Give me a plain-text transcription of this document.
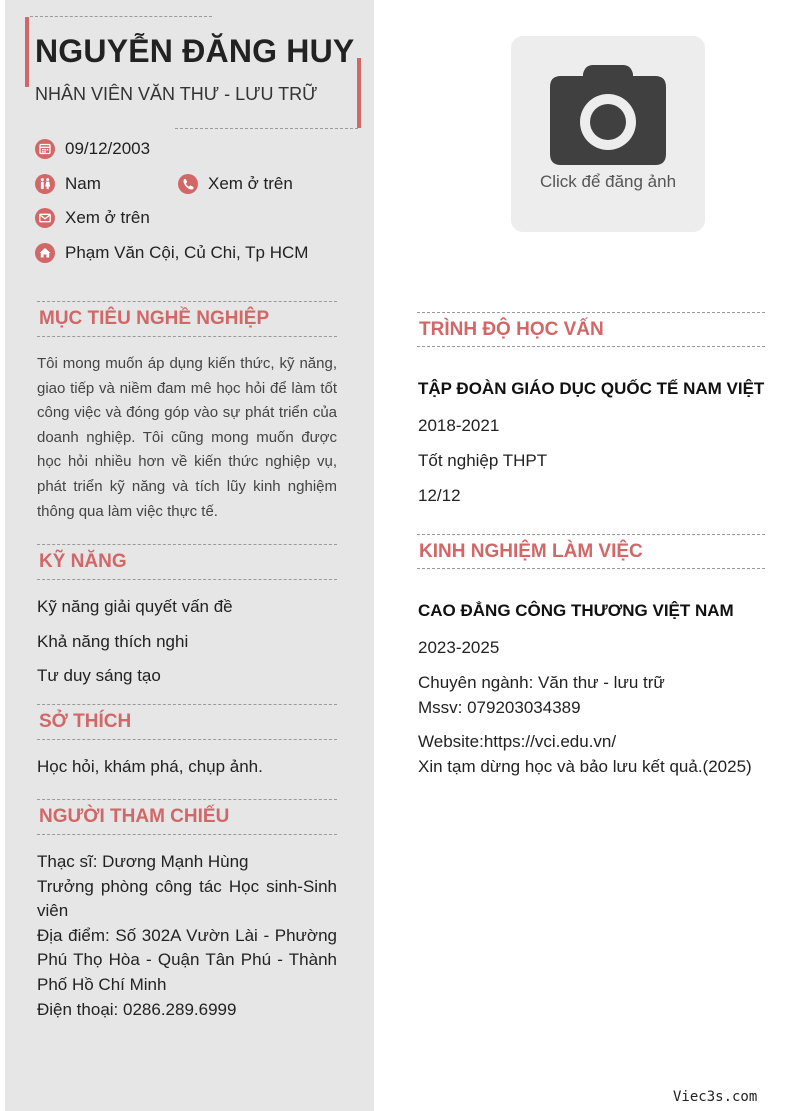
NGUYỄN ĐĂNG HUY
NHÂN VIÊN VĂN THƯ - LƯU TRỮ
09/12/2003
Nam	Xem ở trên
Xem ở trên
Phạm Văn Cội, Củ Chi, Tp HCM
MỤC TIÊU NGHỀ NGHIỆP
Tôi mong muốn áp dụng kiến thức, kỹ năng, giao tiếp và niềm đam mê học hỏi để làm tốt công việc và đóng góp vào sự phát triển của doanh nghiệp. Tôi cũng mong muốn được học hỏi nhiều hơn về kiến thức nghiệp vụ, phát triển kỹ năng và tích lũy kinh nghiệm thông qua làm việc thực tế.
KỸ NĂNG
Kỹ năng giải quyết vấn đề
Khả năng thích nghi
Tư duy sáng tạo
SỞ THÍCH
Học hỏi, khám phá, chụp ảnh.
NGƯỜI THAM CHIẾU
Thạc sĩ: Dương Mạnh Hùng
Trưởng phòng công tác Học sinh-Sinh viên
Địa điểm: Số 302A Vườn Lài - Phường Phú Thọ Hòa - Quận Tân Phú - Thành Phố Hồ Chí Minh
Điện thoại: 0286.289.6999
Click để đăng ảnh
TRÌNH ĐỘ HỌC VẤN
TẬP ĐOÀN GIÁO DỤC QUỐC TẾ NAM VIỆT
2018-2021
Tốt nghiệp THPT
12/12
KINH NGHIỆM LÀM VIỆC
CAO ĐẲNG CÔNG THƯƠNG VIỆT NAM
2023-2025
Chuyên ngành: Văn thư - lưu trữ
Mssv: 079203034389
Website:https://vci.edu.vn/
Xin tạm dừng học và bảo lưu kết quả.(2025)
Viec3s.com
